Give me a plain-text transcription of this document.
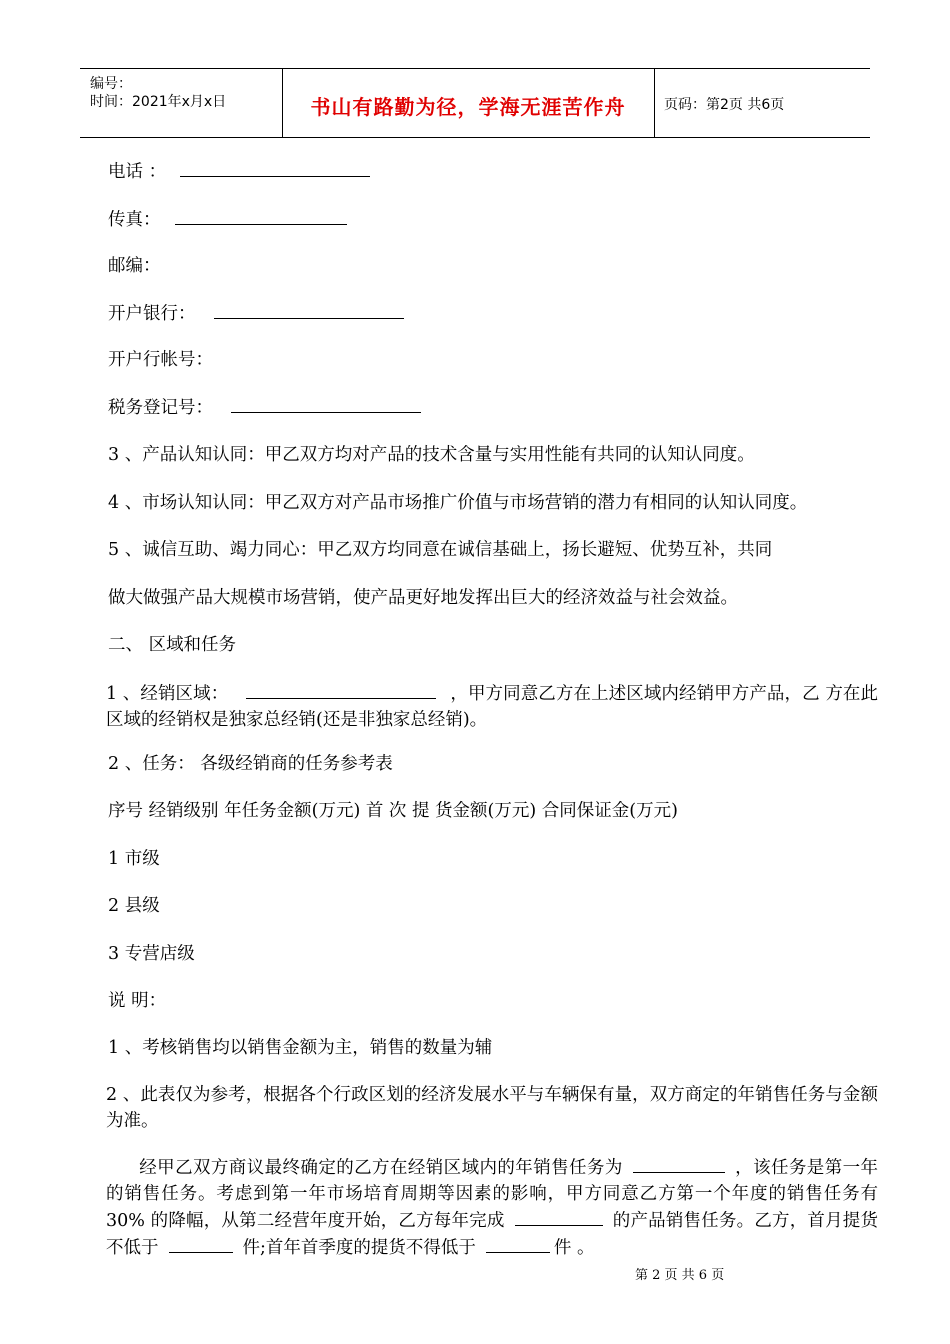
编号：
时间：2021年x月x日	书山有路勤为径，学海无涯苦作舟	页码：第2页 共6页
电话 ：
传真：
邮编：
开户银行：
开户行帐号：
税务登记号：
3 、产品认知认同：甲乙双方均对产品的技术含量与实用性能有共同的认知认同度。
4 、市场认知认同：甲乙双方对产品市场推广价值与市场营销的潜力有相同的认知认同度。
5 、诚信互助、竭力同心：甲乙双方均同意在诚信基础上，扬长避短、优势互补，共同
做大做强产品大规模市场营销，使产品更好地发挥出巨大的经济效益与社会效益。
二、 区域和任务
1 、经销区域：	，甲方同意乙方在上述区域内经销甲方产品，乙 方在此区域的经销权是独家总经销(还是非独家总经销)。
2 、任务： 各级经销商的任务参考表
序号 经销级别 年任务金额(万元) 首 次 提 货金额(万元) 合同保证金(万元)
1 市级
2 县级
3 专营店级
说 明：
1 、考核销售均以销售金额为主，销售的数量为辅
2 、此表仅为参考，根据各个行政区划的经济发展水平与车辆保有量，双方商定的年销售任务与金额为准。
经甲乙双方商议最终确定的乙方在经销区域内的年销售任务为	，该任务是第一年的销售任务。考虑到第一年市场培育周期等因素的影响，甲方同意乙方第一个年度的销售任务有 30% 的降幅，从第二经营年度开始，乙方每年完成	的产品销售任务。乙方，首月提货不低于	件;首年首季度的提货不得低于	件 。
第 2 页 共 6 页
